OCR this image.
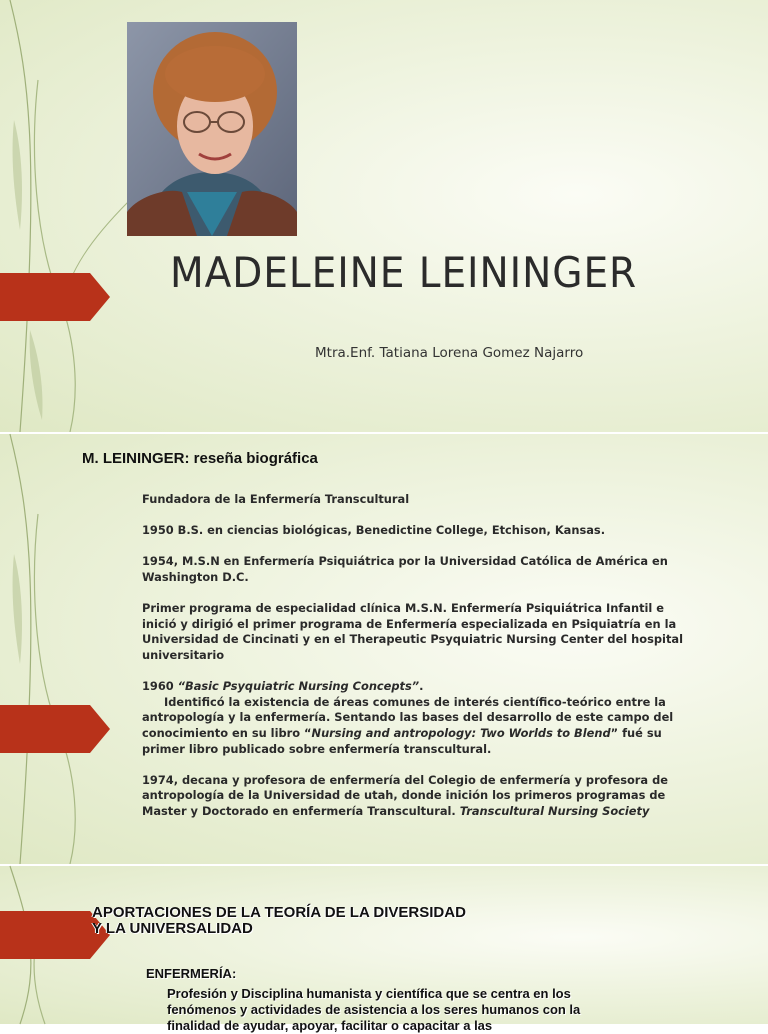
MADELEINE LEININGER
Mtra.Enf. Tatiana Lorena Gomez Najarro
M. LEININGER: reseña biográfica

Fundadora de la Enfermería Transcultural

1950 B.S. en ciencias biológicas, Benedictine College, Etchison, Kansas.

1954, M.S.N en Enfermería Psiquiátrica por la Universidad Católica de América en Washington D.C.

Primer programa de especialidad clínica M.S.N. Enfermería Psiquiátrica Infantil e inició y dirigió el primer programa de Enfermería especializada en Psiquiatría en la Universidad de Cincinati y en el Therapeutic Psyquiatric Nursing Center del hospital universitario

1960 “Basic Psyquiatric Nursing Concepts”.

Identificó la existencia de áreas comunes de interés científico-teórico entre la antropología y la enfermería. Sentando las bases del desarrollo de este campo del conocimiento en su libro “Nursing and antropology: Two Worlds to Blend” fué su primer libro publicado sobre enfermería transcultural.

1974, decana y profesora de enfermería del Colegio de enfermería y profesora de antropología de la Universidad de utah, donde inición los primeros programas de Master y Doctorado en enfermería Transcultural. Transcultural Nursing Society

APORTACIONES DE LA TEORÍA DE LA DIVERSIDAD
Y LA UNIVERSALIDAD
ENFERMERÍA:
Profesión y Disciplina humanista y científica que se centra en los fenómenos y actividades de asistencia a los seres humanos con la finalidad de ayudar, apoyar, facilitar o capacitar a las
